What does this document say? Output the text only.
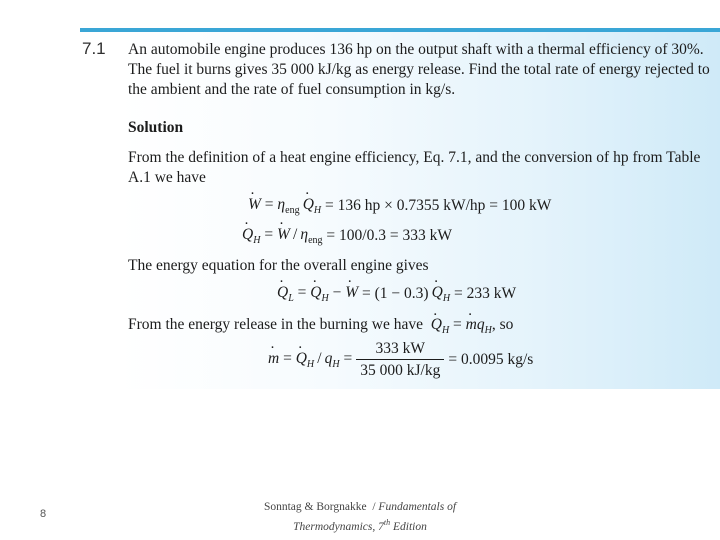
7.1 An automobile engine produces 136 hp on the output shaft with a thermal efficiency of 30%. The fuel it burns gives 35 000 kJ/kg as energy release. Find the total rate of energy rejected to the ambient and the rate of fuel consumption in kg/s.
Solution
From the definition of a heat engine efficiency, Eq. 7.1, and the conversion of hp from Table A.1 we have
· $W = \eta_{eng} \cdot Q_H = 136$ hp × 0.7355 kW/hp = 100 kW
· $Q_H$ = · $W / \eta_{eng} = 100/0.3 = 333$ kW
The energy equation for the overall engine gives
· $Q_L$ = · $Q_H$ − · W = (1 − 0.3)
  · $Q_H = 233$ kW
From the energy release in the burning we have · $Q_H$ = · $mq_H$, so
· m = · $Q_H / q_H = \frac{333 kW}{35 000 kJ/kg} = 0.0095$ kg/s
8
Sonntag & Borgnakke  / Fundamentals of
Thermodynamics, 7th Edition
